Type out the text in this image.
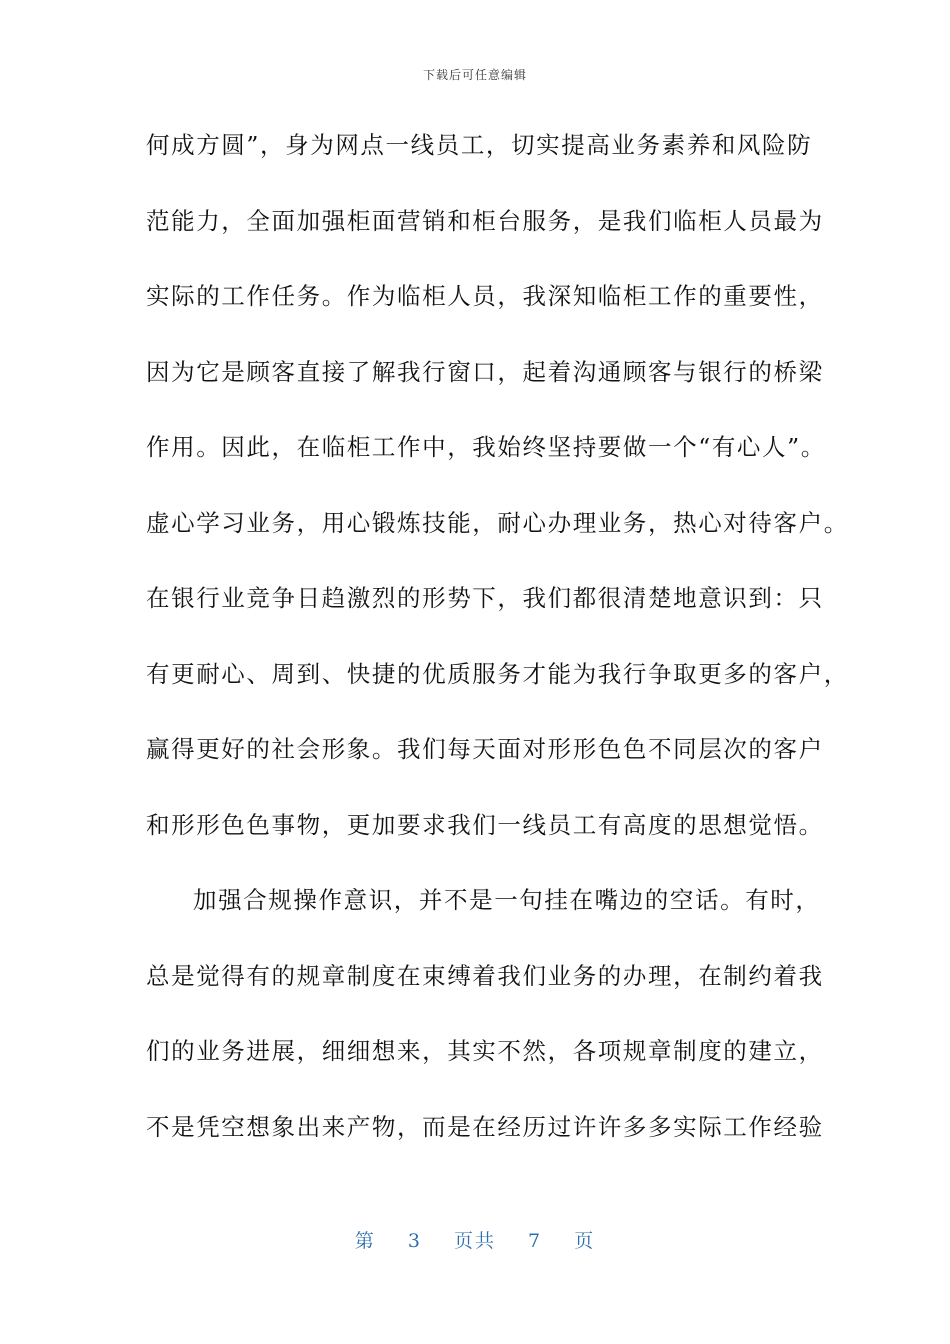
下载后可任意编辑
何成方圆”，身为网点一线员工，切实提高业务素养和风险防
范能力，全面加强柜面营销和柜台服务，是我们临柜人员最为
实际的工作任务。作为临柜人员，我深知临柜工作的重要性，
因为它是顾客直接了解我行窗口，起着沟通顾客与银行的桥梁
作用。因此，在临柜工作中，我始终坚持要做一个“有心人”。
虚心学习业务，用心锻炼技能，耐心办理业务，热心对待客户。
在银行业竞争日趋激烈的形势下，我们都很清楚地意识到：只
有更耐心、周到、快捷的优质服务才能为我行争取更多的客户，
赢得更好的社会形象。我们每天面对形形色色不同层次的客户
和形形色色事物，更加要求我们一线员工有高度的思想觉悟。
加强合规操作意识，并不是一句挂在嘴边的空话。有时，
总是觉得有的规章制度在束缚着我们业务的办理，在制约着我
们的业务进展，细细想来，其实不然，各项规章制度的建立，
不是凭空想象出来产物，而是在经历过许许多多实际工作经验
第 3 页共 7 页
